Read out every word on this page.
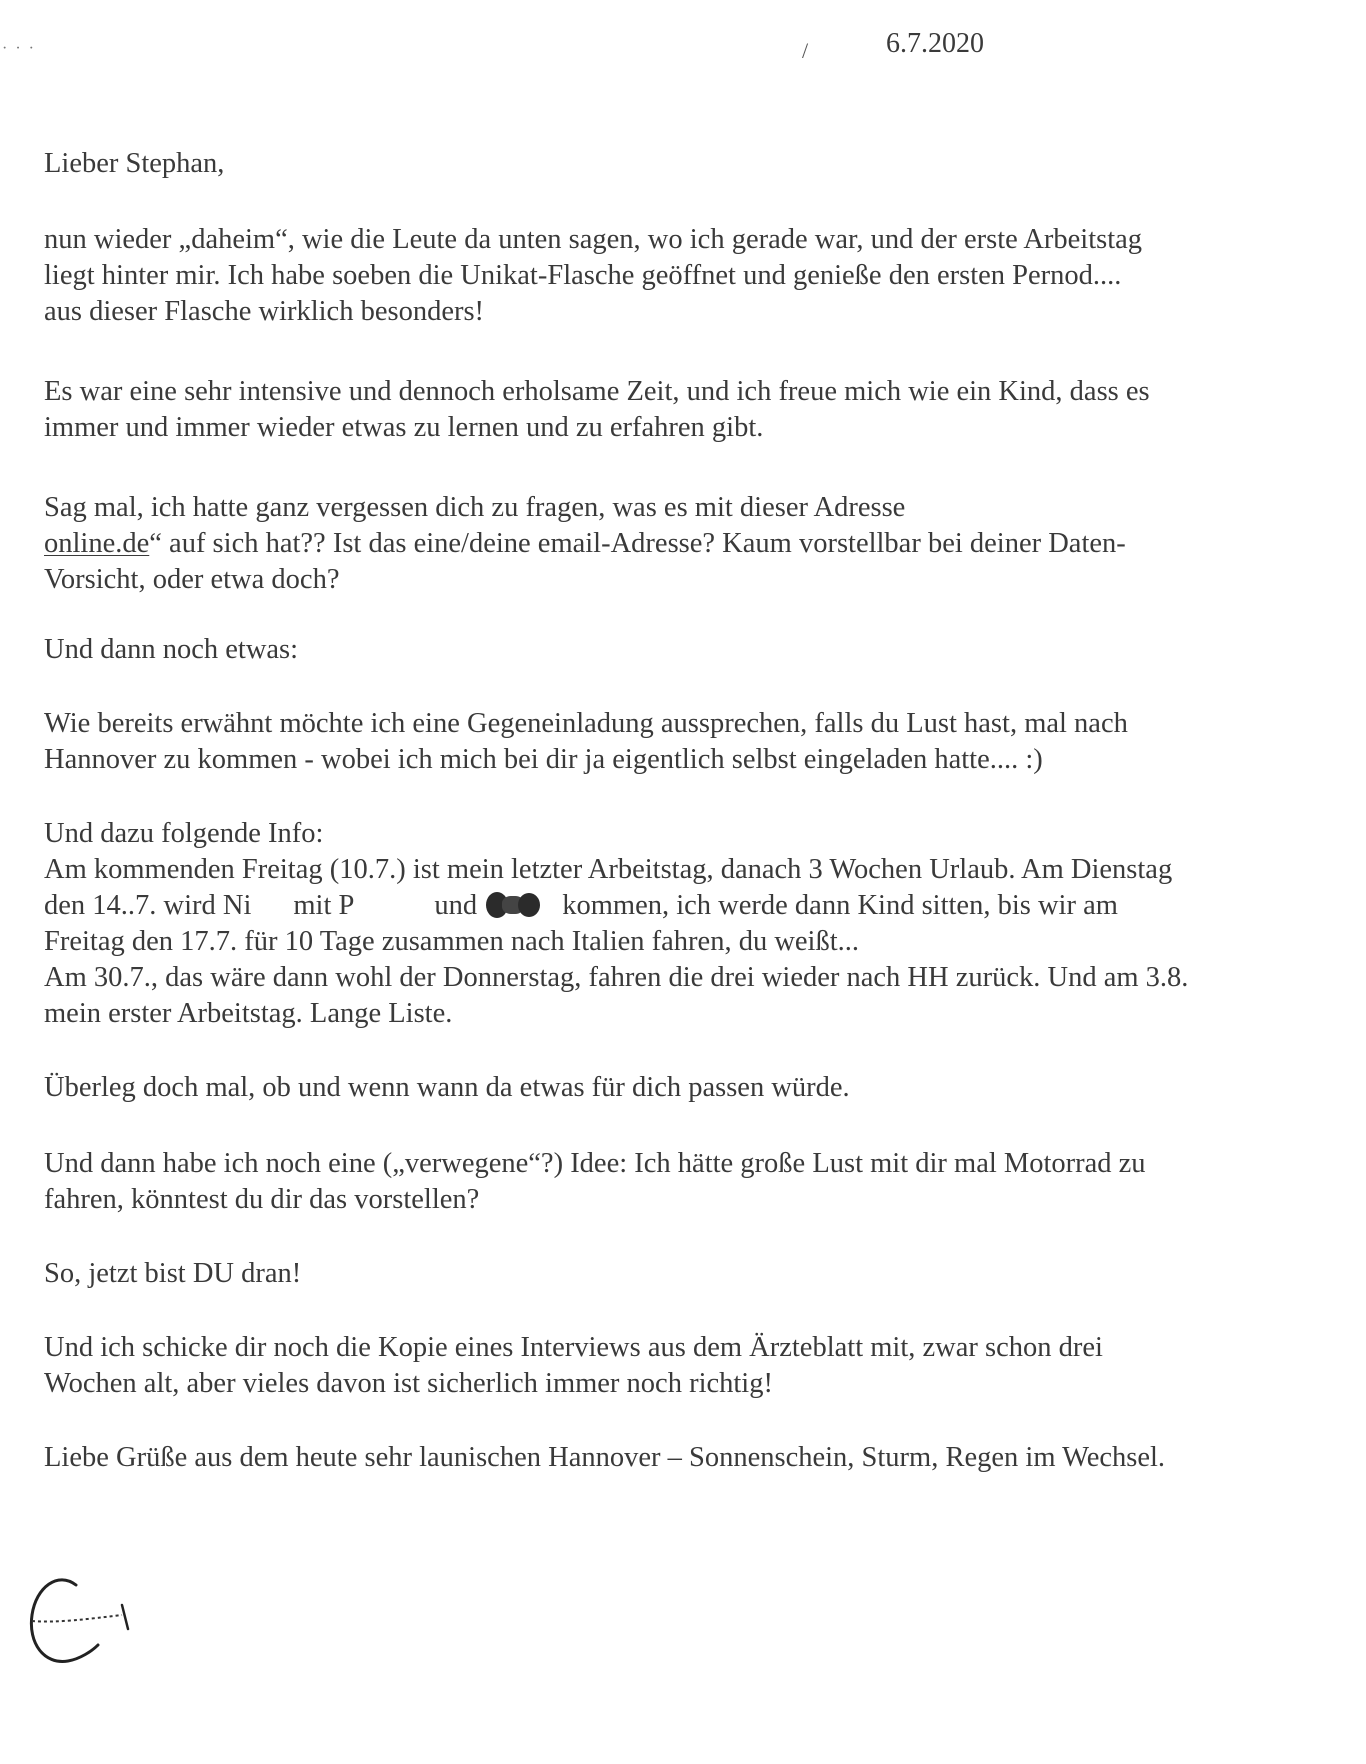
· · ·	/	6.7.2020
Lieber Stephan,
nun wieder „daheim“, wie die Leute da unten sagen, wo ich gerade war, und der erste Arbeitstag
liegt hinter mir. Ich habe soeben die Unikat-Flasche geöffnet und genieße den ersten Pernod....
aus dieser Flasche wirklich besonders!
Es war eine sehr intensive und dennoch erholsame Zeit, und ich freue mich wie ein Kind, dass es
immer und immer wieder etwas zu lernen und zu erfahren gibt.
Sag mal, ich hatte ganz vergessen dich zu fragen, was es mit dieser Adresse
online.de“ auf sich hat?? Ist das eine/deine email-Adresse? Kaum vorstellbar bei deiner Daten-
Vorsicht, oder etwa doch?
Und dann noch etwas:
Wie bereits erwähnt möchte ich eine Gegeneinladung aussprechen, falls du Lust hast, mal nach
Hannover zu kommen - wobei ich mich bei dir ja eigentlich selbst eingeladen hatte.... :)
Und dazu folgende Info:
Am kommenden Freitag (10.7.) ist mein letzter Arbeitstag, danach 3 Wochen Urlaub. Am Dienstag
den 14..7. wird Ni mit P	und	kommen, ich werde dann Kind sitten, bis wir am
Freitag den 17.7. für 10 Tage zusammen nach Italien fahren, du weißt...
Am 30.7., das wäre dann wohl der Donnerstag, fahren die drei wieder nach HH zurück. Und am 3.8.
mein erster Arbeitstag. Lange Liste.
Überleg doch mal, ob und wenn wann da etwas für dich passen würde.
Und dann habe ich noch eine („verwegene“?) Idee: Ich hätte große Lust mit dir mal Motorrad zu
fahren, könntest du dir das vorstellen?
So, jetzt bist DU dran!
Und ich schicke dir noch die Kopie eines Interviews aus dem Ärzteblatt mit, zwar schon drei
Wochen alt, aber vieles davon ist sicherlich immer noch richtig!
Liebe Grüße aus dem heute sehr launischen Hannover – Sonnenschein, Sturm, Regen im Wechsel.
